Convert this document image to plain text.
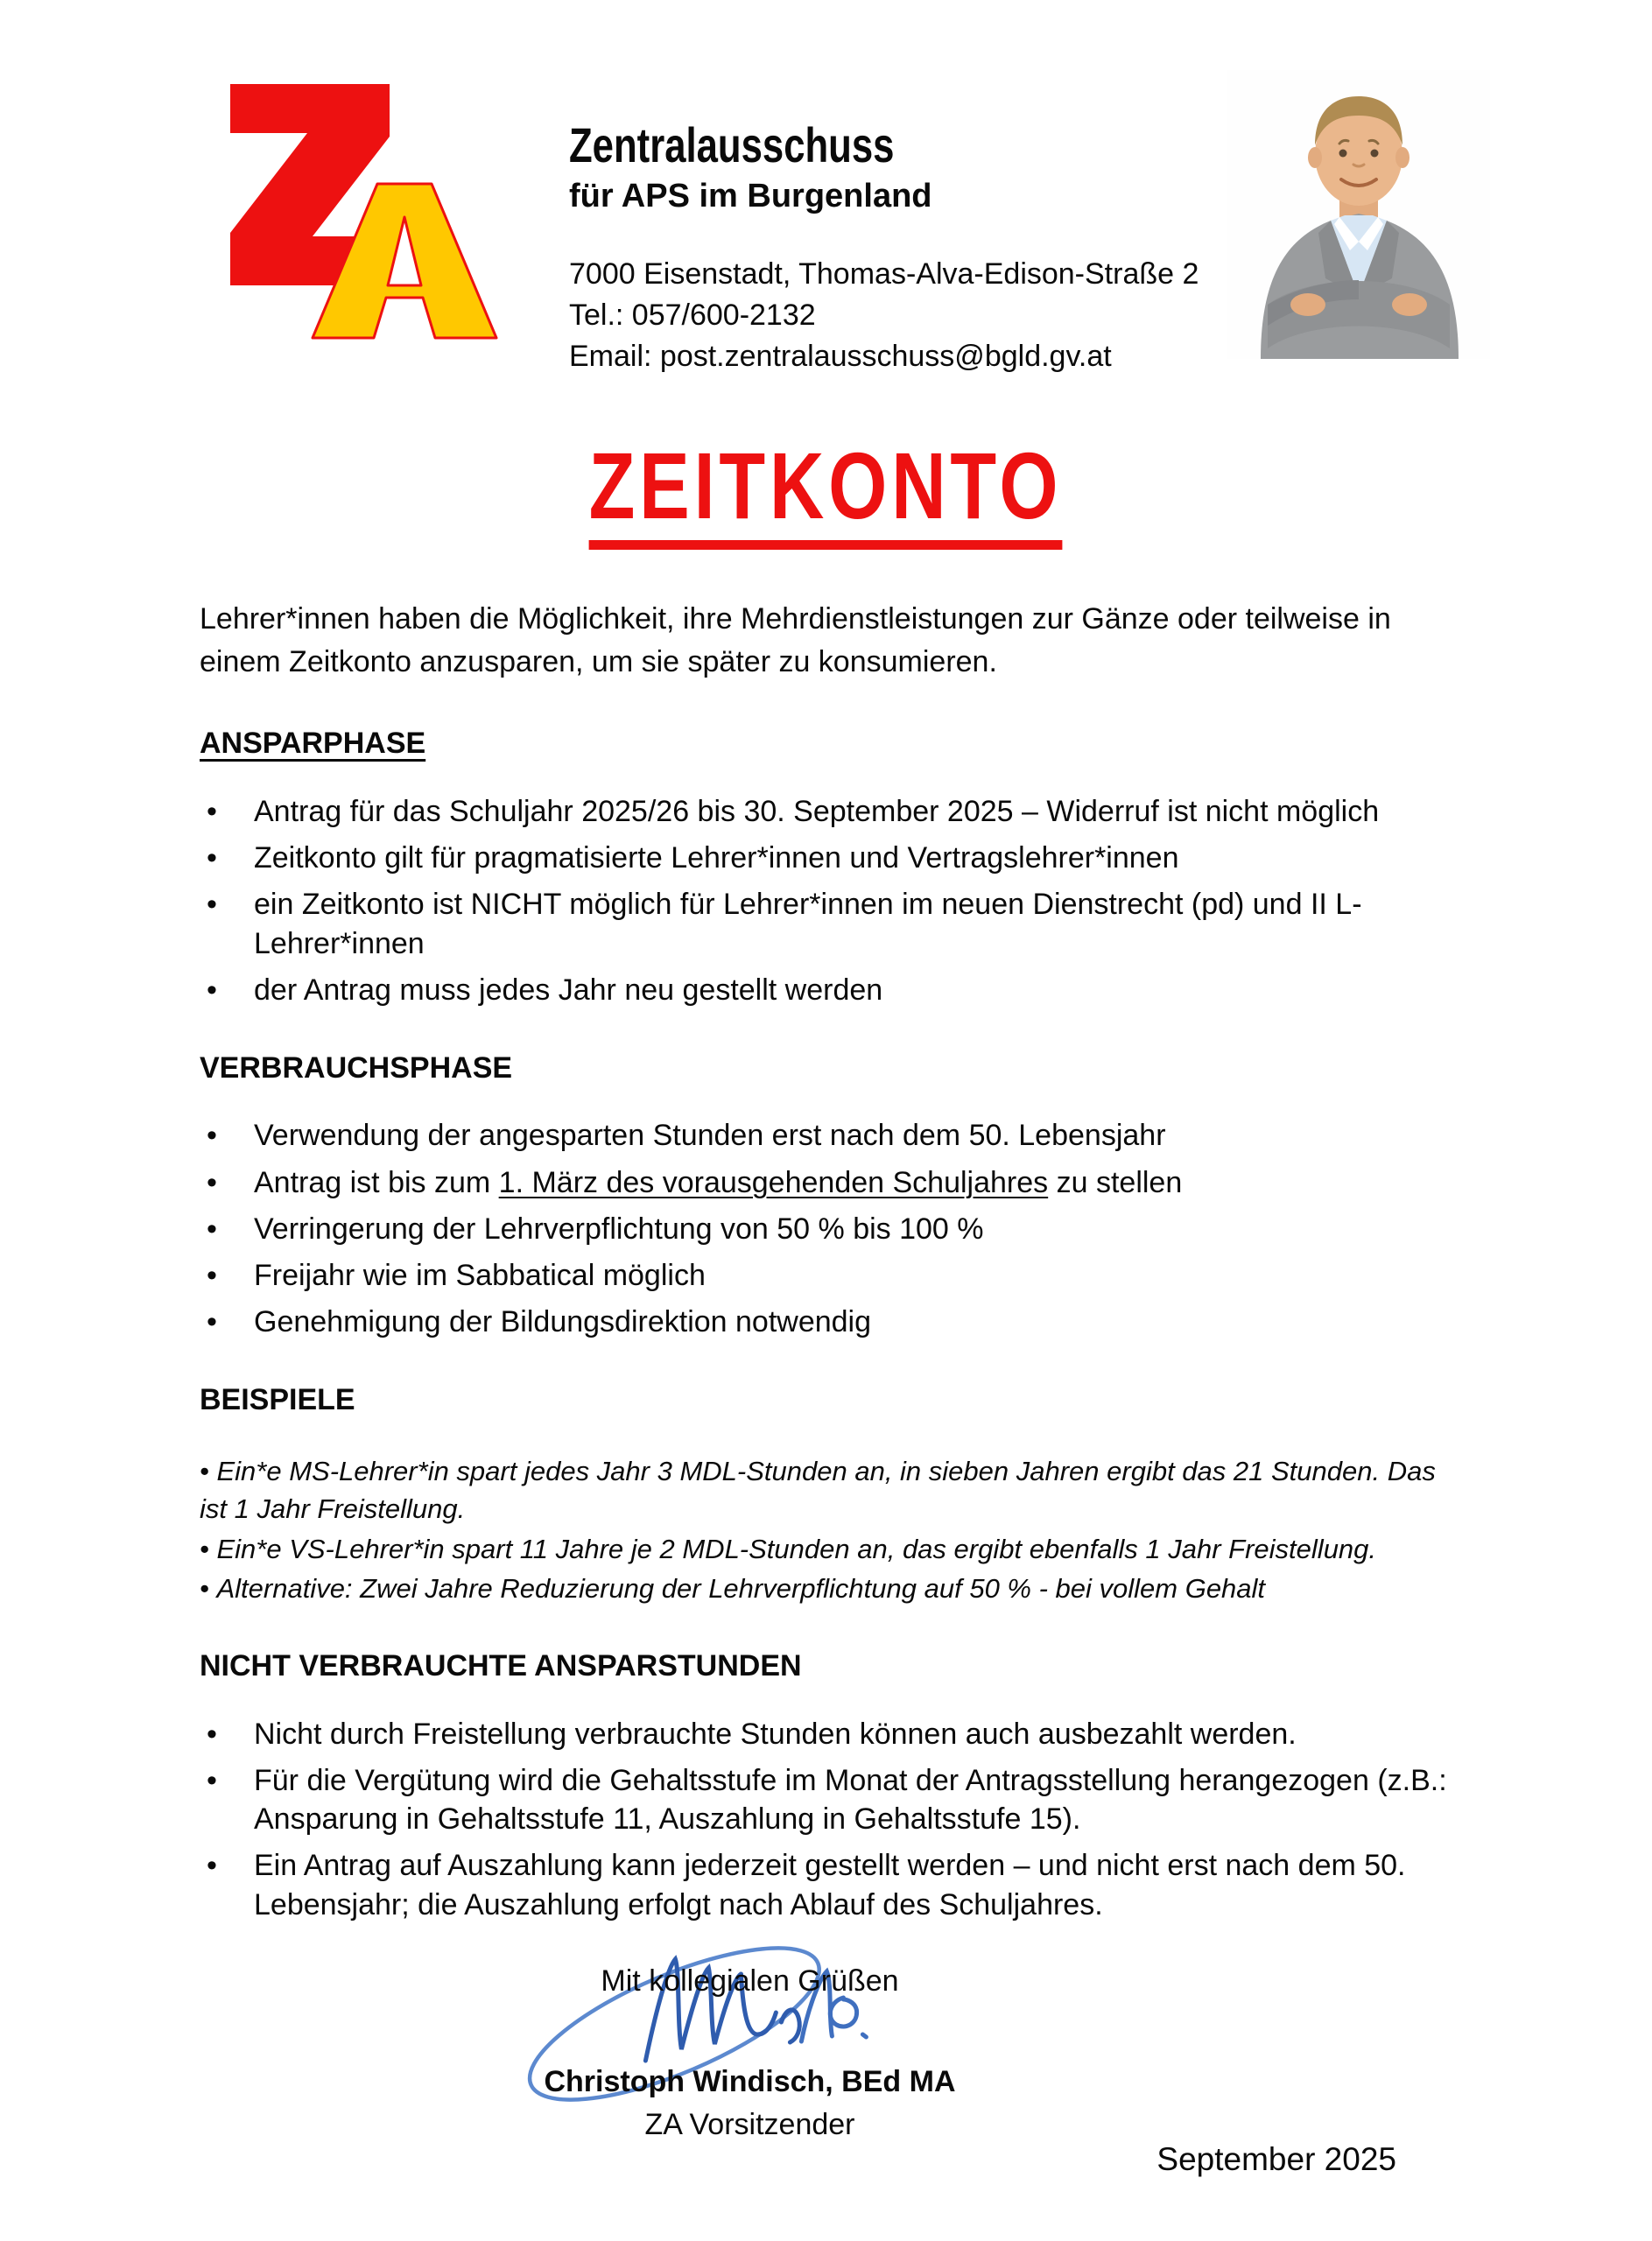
Zentralausschuss
für APS im Burgenland
7000 Eisenstadt, Thomas-Alva-Edison-Straße 2
Tel.: 057/600-2132
Email: post.zentralausschuss@bgld.gv.at
ZEITKONTO

Lehrer*innen haben die Möglichkeit, ihre Mehrdienstleistungen zur Gänze oder teilweise in einem Zeitkonto anzusparen, um sie später zu konsumieren.

ANSPARPHASE
• Antrag für das Schuljahr 2025/26 bis 30. September 2025 – Widerruf ist nicht möglich
• Zeitkonto gilt für pragmatisierte Lehrer*innen und Vertragslehrer*innen
• ein Zeitkonto ist NICHT möglich für Lehrer*innen im neuen Dienstrecht (pd) und II L-Lehrer*innen
• der Antrag muss jedes Jahr neu gestellt werden
VERBRAUCHSPHASE
• Verwendung der angesparten Stunden erst nach dem 50. Lebensjahr
• Antrag ist bis zum 1. März des vorausgehenden Schuljahres zu stellen
• Verringerung der Lehrverpflichtung von 50 % bis 100 %
• Freijahr wie im Sabbatical möglich
• Genehmigung der Bildungsdirektion notwendig
BEISPIELE

• Ein*e MS-Lehrer*in spart jedes Jahr 3 MDL-Stunden an, in sieben Jahren ergibt das 21 Stunden. Das ist 1 Jahr Freistellung.

• Ein*e VS-Lehrer*in spart 11 Jahre je 2 MDL-Stunden an, das ergibt ebenfalls 1 Jahr Freistellung.

• Alternative: Zwei Jahre Reduzierung der Lehrverpflichtung auf 50 % - bei vollem Gehalt

NICHT VERBRAUCHTE ANSPARSTUNDEN
• Nicht durch Freistellung verbrauchte Stunden können auch ausbezahlt werden.
• Für die Vergütung wird die Gehaltsstufe im Monat der Antragsstellung herangezogen (z.B.: Ansparung in Gehaltsstufe 11, Auszahlung in Gehaltsstufe 15).
• Ein Antrag auf Auszahlung kann jederzeit gestellt werden – und nicht erst nach dem 50. Lebensjahr; die Auszahlung erfolgt nach Ablauf des Schuljahres.
Mit kollegialen Grüßen
Christoph Windisch, BEd MA
ZA Vorsitzender
September 2025
